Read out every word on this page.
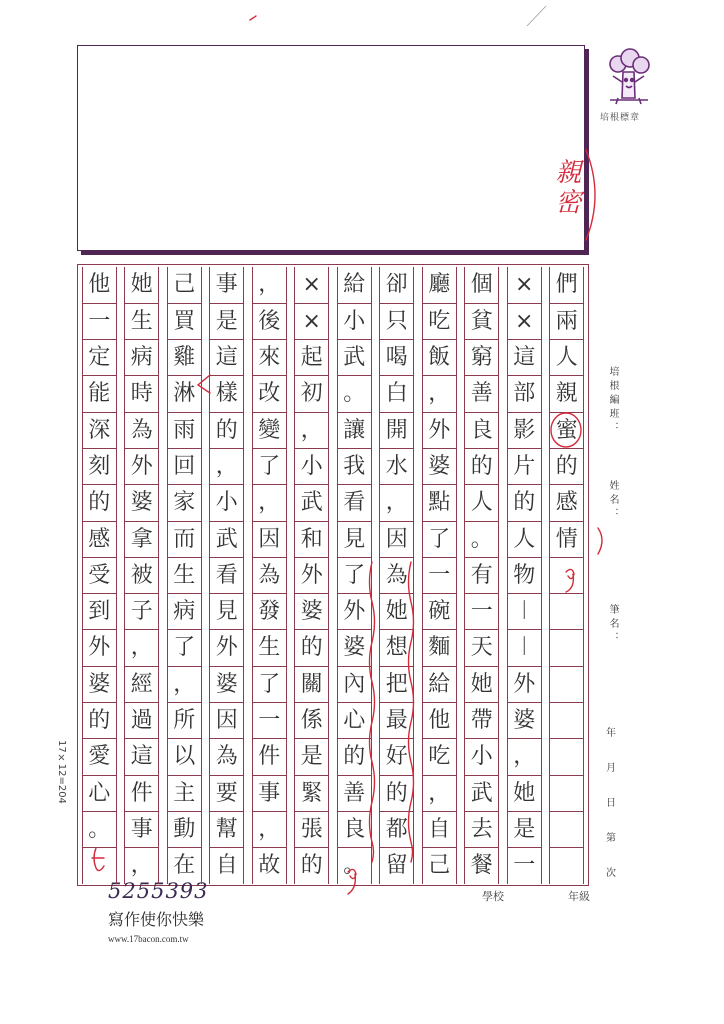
親密
培根標章
培根編班：
姓名：
筆名：
年
月
日
第
次
17×12=204
學校	年級
5255393
寫作使你快樂
www.17bacon.com.tw
們
兩
人
親
蜜
的
感
情
×
×
這
部
影
片
的
人
物
︱
︱
外
婆
，
她
是
一
個
貧
窮
善
良
的
人
。
有
一
天
她
帶
小
武
去
餐
廳
吃
飯
，
外
婆
點
了
一
碗
麵
給
他
吃
，
自
己
卻
只
喝
白
開
水
，
因
為
她
想
把
最
好
的
都
留
給
小
武
。
讓
我
看
見
了
外
婆
內
心
的
善
良
。
×
×
起
初
，
小
武
和
外
婆
的
關
係
是
緊
張
的
，
後
來
改
變
了
，
因
為
發
生
了
一
件
事
，
故
事
是
這
樣
的
，
小
武
看
見
外
婆
因
為
要
幫
自
己
買
雞
淋
雨
回
家
而
生
病
了
，
所
以
主
動
在
她
生
病
時
為
外
婆
拿
被
子
，
經
過
這
件
事
，
他
一
定
能
深
刻
的
感
受
到
外
婆
的
愛
心
。
